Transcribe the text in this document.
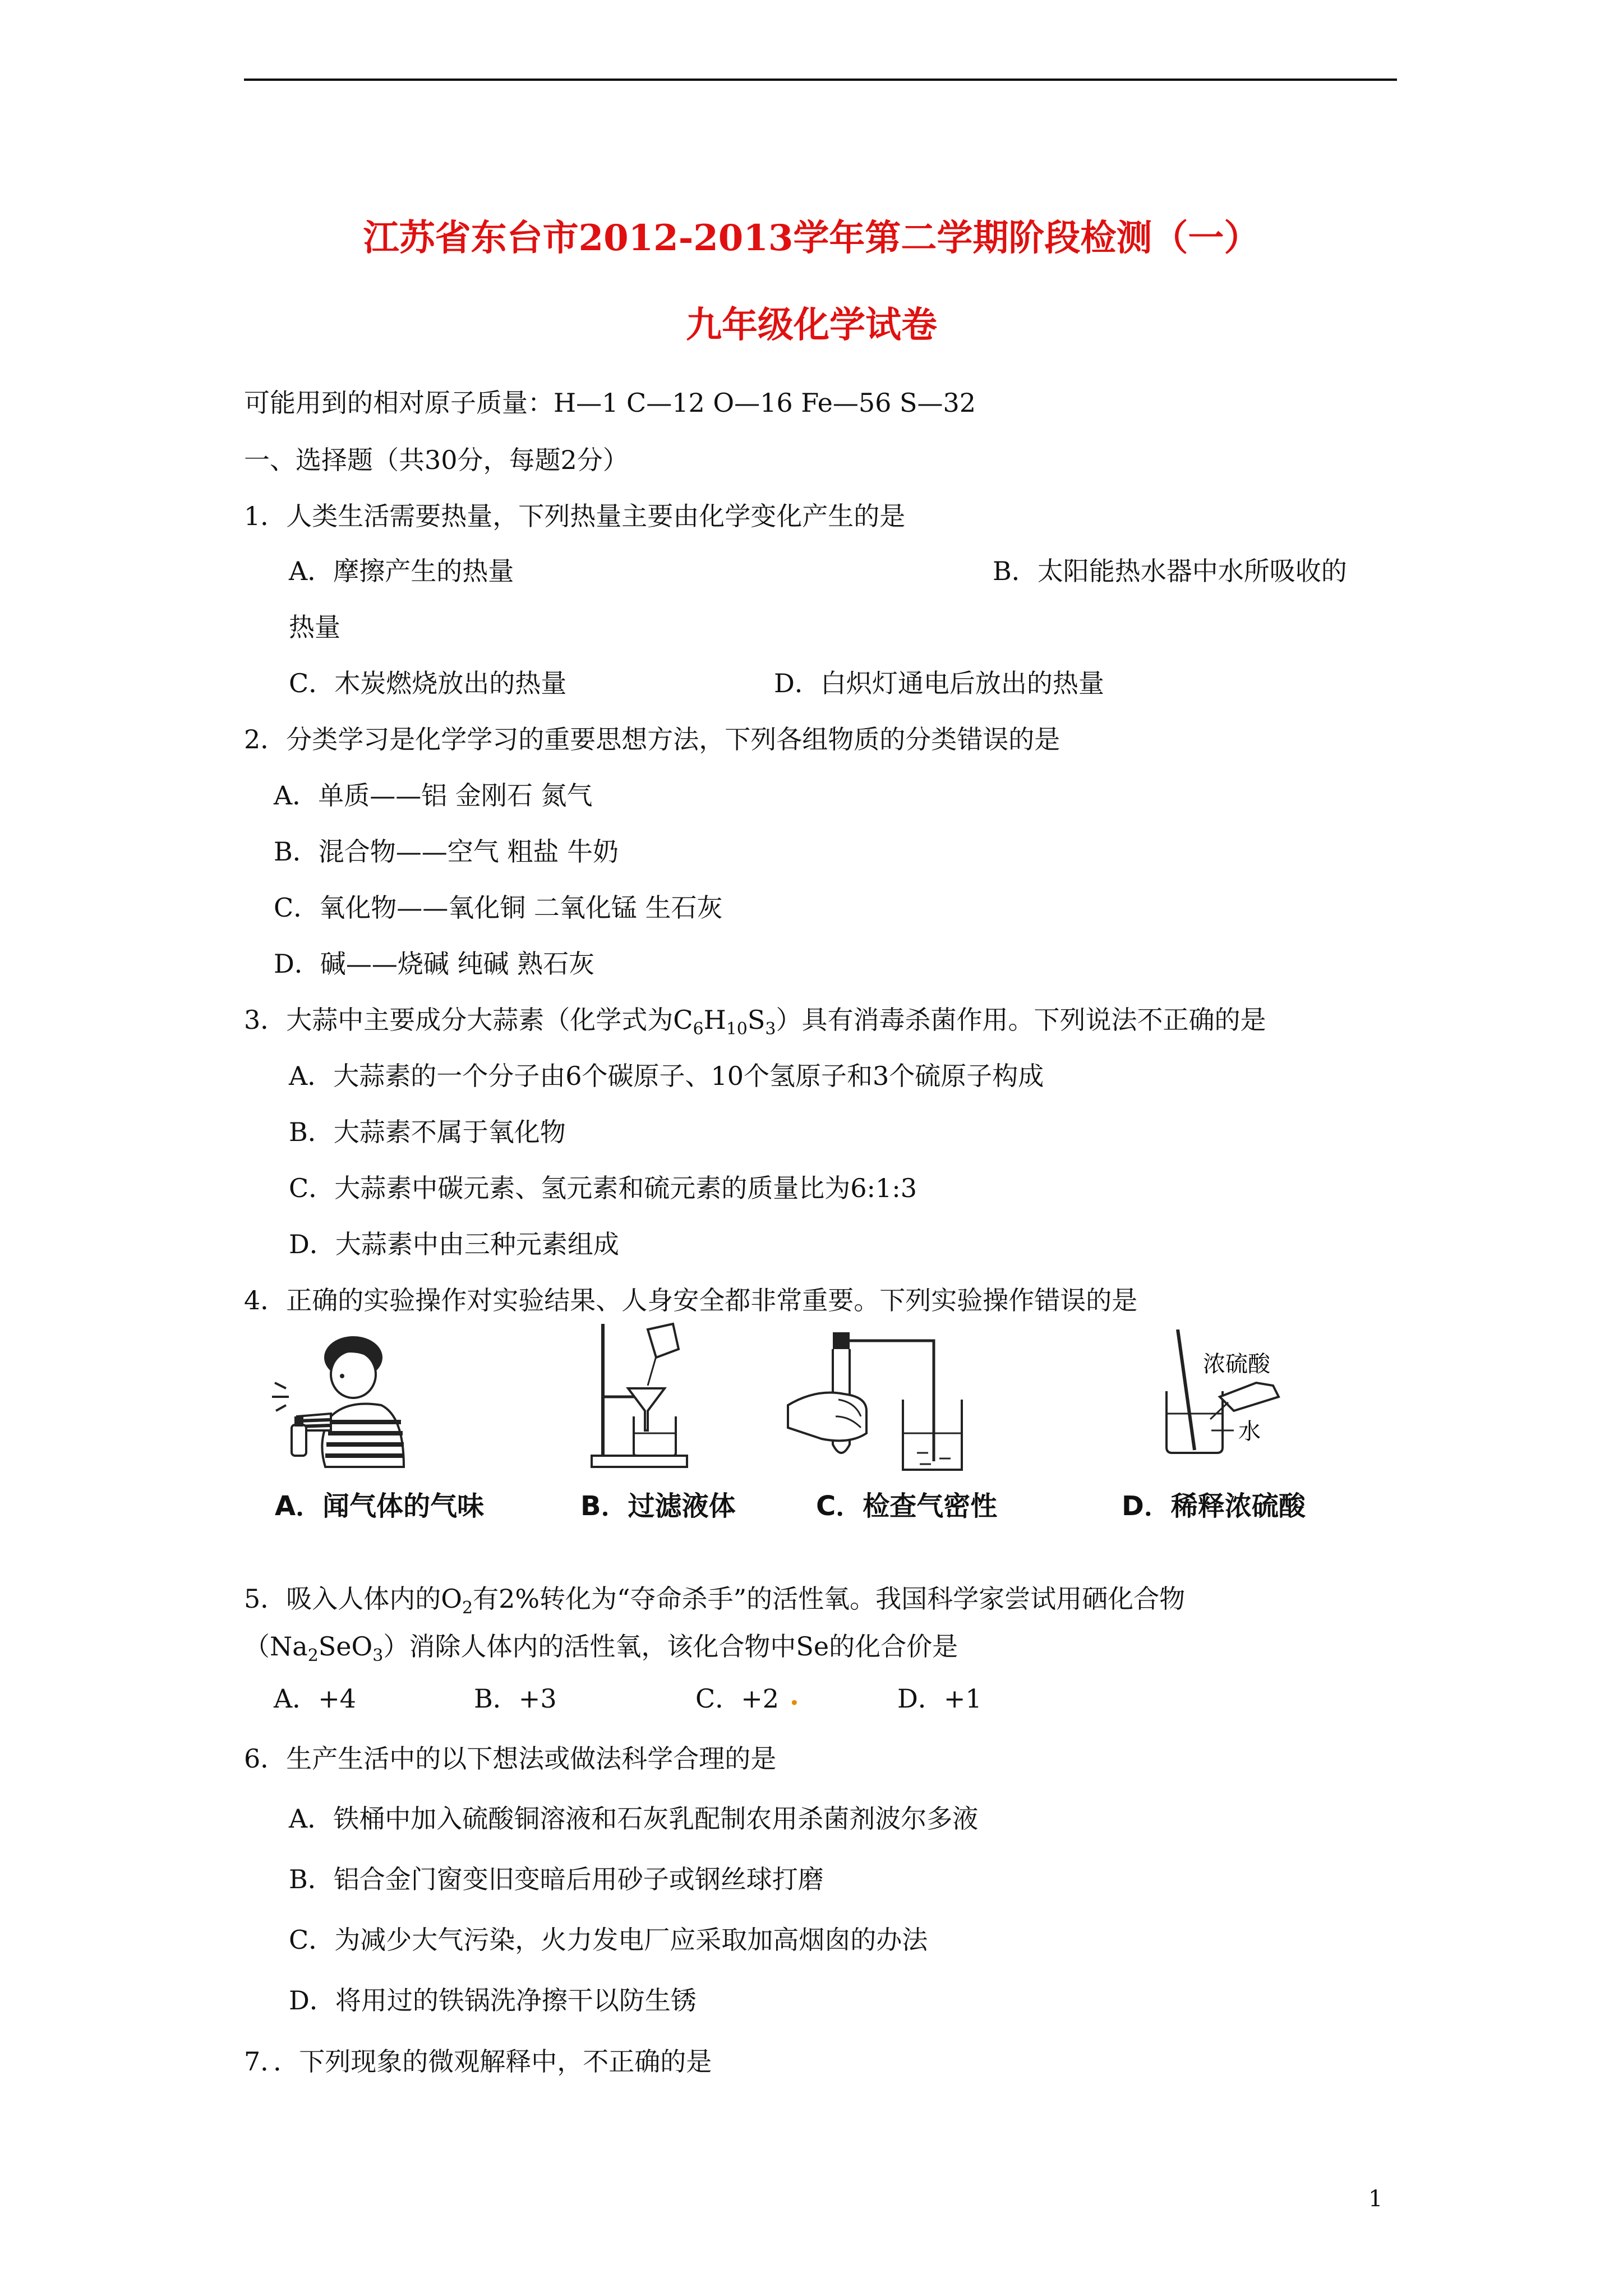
江苏省东台市2012-2013学年第二学期阶段检测（一）
九年级化学试卷
可能用到的相对原子质量：H—1 C—12 O—16 Fe—56 S—32
一、选择题（共30分，每题2分）
1．人类生活需要热量，下列热量主要由化学变化产生的是
A．摩擦产生的热量	B．太阳能热水器中水所吸收的
热量
C．木炭燃烧放出的热量	D．白炽灯通电后放出的热量
2．分类学习是化学学习的重要思想方法，下列各组物质的分类错误的是
A．单质——铝 金刚石 氮气
B．混合物——空气 粗盐 牛奶
C．氧化物——氧化铜 二氧化锰 生石灰
D．碱——烧碱 纯碱 熟石灰
3．大蒜中主要成分大蒜素（化学式为$C_6H_{10}S_3$）具有消毒杀菌作用。下列说法不正确的是
A．大蒜素的一个分子由6个碳原子、10个氢原子和3个硫原子构成
B．大蒜素不属于氧化物
C．大蒜素中碳元素、氢元素和硫元素的质量比为6:1:3
D．大蒜素中由三种元素组成
4．正确的实验操作对实验结果、人身安全都非常重要。下列实验操作错误的是
浓硫酸
水
A．闻气体的气味	B．过滤液体	C．检查气密性	D．稀释浓硫酸
5．吸入人体内的$O_2$有2%转化为“夺命杀手”的活性氧。我国科学家尝试用硒化合物
$(Na_2SeO_3)$消除人体内的活性氧，该化合物中Se的化合价是
A．+4	B．+3	C．+2 .	D．+1
6．生产生活中的以下想法或做法科学合理的是
A．铁桶中加入硫酸铜溶液和石灰乳配制农用杀菌剂波尔多液
B．铝合金门窗变旧变暗后用砂子或钢丝球打磨
C．为减少大气污染，火力发电厂应采取加高烟囱的办法
D．将用过的铁锅洗净擦干以防生锈
7．．下列现象的微观解释中，不正确的是
1
